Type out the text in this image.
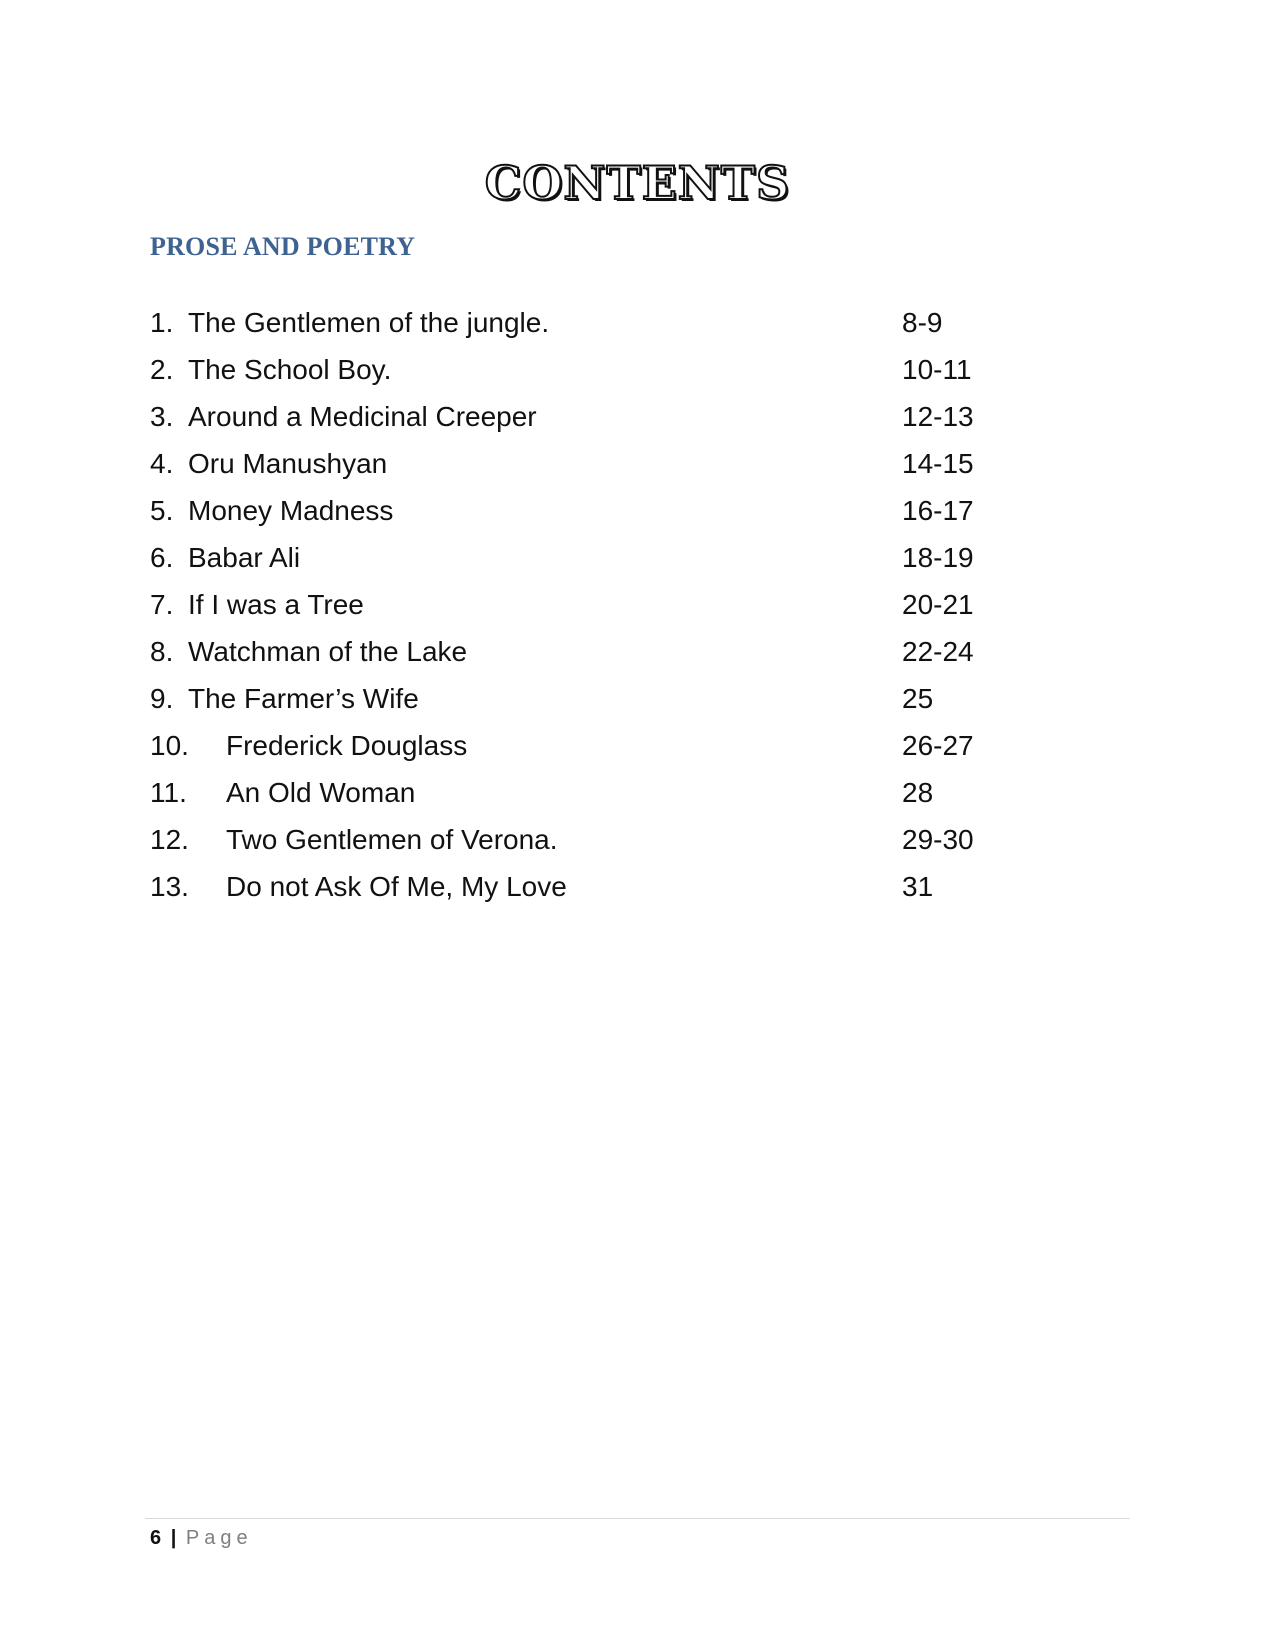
CONTENTS
PROSE AND POETRY
1. The Gentlemen of the jungle.	8-9
2. The School Boy.	10-11
3. Around a Medicinal Creeper	12-13
4. Oru Manushyan	14-15
5. Money Madness	16-17
6. Babar Ali	18-19
7. If I was a Tree	20-21
8. Watchman of the Lake	22-24
9. The Farmer’s Wife	25
10. Frederick Douglass	26-27
11. An Old Woman	28
12. Two Gentlemen of Verona.	29-30
13. Do not Ask Of Me, My Love	31
6 | Page
